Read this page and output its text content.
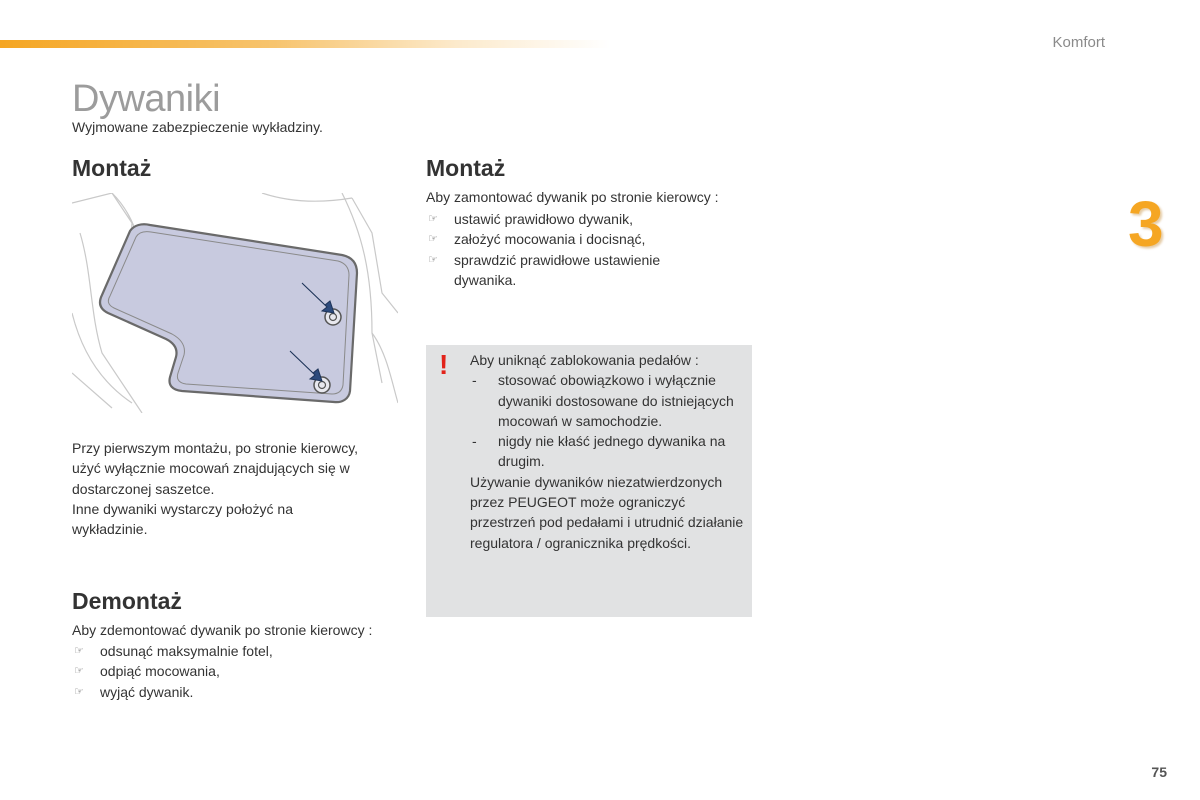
Komfort
3
Dywaniki
Wyjmowane zabezpieczenie wykładziny.
Montaż
Przy pierwszym montażu, po stronie kierowcy,
użyć wyłącznie mocowań znajdujących się w
dostarczonej saszetce.
Inne dywaniki wystarczy położyć na
wykładzinie.
Demontaż
Aby zdemontować dywanik po stronie kierowcy :
☞ odsunąć maksymalnie fotel,
☞ odpiąć mocowania,
☞ wyjąć dywanik.
Montaż
Aby zamontować dywanik po stronie kierowcy :
☞ ustawić prawidłowo dywanik,
☞ założyć mocowania i docisnąć,
☞ sprawdzić prawidłowe ustawienie dywanika.
! Aby uniknąć zablokowania pedałów :
- stosować obowiązkowo i wyłącznie dywaniki dostosowane do istniejących mocowań w samochodzie.
- nigdy nie kłaść jednego dywanika na drugim.
Używanie dywaników niezatwierdzonych przez PEUGEOT może ograniczyć przestrzeń pod pedałami i utrudnić działanie regulatora / ogranicznika prędkości.
75
